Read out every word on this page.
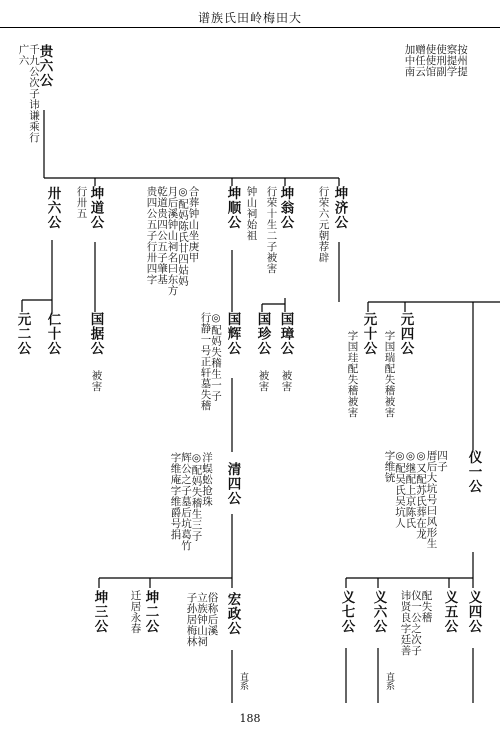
谱族氏田岭梅田大
贵六公
千九公次子讳谦乘行
广六	按州提
察提学
使刑副
使使馆
赠任云
加中南
卅六公 坤道公
行卅五	合葬钟山坐庚甲
◎配妈陈氏廿四姑妈
月后溪钟山祠名曰东方
乾道贵四公五子肇基
贵四公五子行卅四字	坤顺公 钟山祠始祖 坤翁公
行荣十生二子被害	坤济公
行荣六元朝荐辟
元二公 仁十公 国据公
被害	◎配妈失稽生一子
行静一号正轩墓失稽 国辉公 国珍公
被害
国璋公
被害	字国珪配失稽被害 元十公 字国瑞配失稽被害 元四公
洋蜈蚣抢珠
◎配妈失稽生三子
辉公之子墓后坑葛竹
字维庵字维爵号捐	清四公
四子
厝后大坑号曰风形生
◎又配苏氏葬在龙
◎继配上京陈氏
◎配吴氏吴坑人
字维铳	仪一公
坤三公 迁居永春 坤二公	俗称后溪
立族钟山祠
子孙居梅林 宏政公
直系
义七公 义六公
直系
配失稽
仪一公之次子
讳贤良字廷善 义五公 义四公
188
